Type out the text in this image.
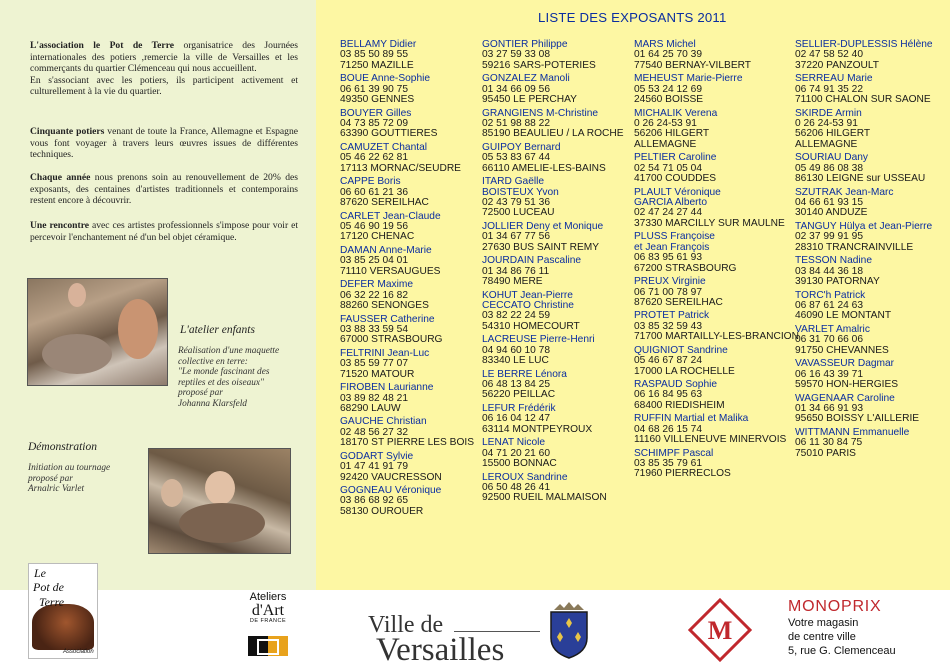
L'association le Pot de Terre organisatrice des Journées internationales des potiers ,remercie la ville de Versailles et les commerçants du quartier Clémenceau qui nous accueillent.
En s'associant avec les potiers, ils participent activement et culturellement à la vie du quartier.

Cinquante potiers venant de toute la France, Allemagne et Espagne vous font voyager à travers leurs œuvres issues de différentes techniques.

Chaque année nous prenons soin au renouvellement de 20% des exposants, des centaines d'artistes traditionnels et contemporains restent encore à découvrir.

Une rencontre avec ces artistes professionnels s'impose pour voir et percevoir l'enchantement né d'un bel objet céramique.

L'atelier enfants
Réalisation d'une maquette
collective en terre:
"Le monde fascinant des
reptiles et des oiseaux"
proposé par
Johanna Klarsfeld
Démonstration
Initiation au tournage
proposé par
Arnalric Varlet
LISTE DES EXPOSANTS 2011
BELLAMY Didier
03 85 50 89 55
71250 MAZILLE
BOUE Anne-Sophie
06 61 39 90 75
49350 GENNES
BOUYER Gilles
04 73 85 72 09
63390 GOUTTIERES
CAMUZET Chantal
05 46 22 62 81
17113 MORNAC/SEUDRE
CAPPE Boris
06 60 61 21 36
87620 SEREILHAC
CARLET Jean-Claude
05 46 90 19 56
17120 CHENAC
DAMAN Anne-Marie
03 85 25 04 01
71110 VERSAUGUES
DEFER Maxime
06 32 22 16 82
88260 SENONGES
FAUSSER Catherine
03 88 33 59 54
67000 STRASBOURG
FELTRINI Jean-Luc
03 85 59 77 07
71520 MATOUR
FIROBEN Laurianne
03 89 82 48 21
68290 LAUW
GAUCHE Christian
02 48 56 27 32
18170 ST PIERRE LES BOIS
GODART Sylvie
01 47 41 91 79
92420 VAUCRESSON
GOGNEAU Véronique
03 86 68 92 65
58130 OUROUER
GONTIER Philippe
03 27 59 33 08
59216 SARS-POTERIES
GONZALEZ Manoli
01 34 66 09 56
95450 LE PERCHAY
GRANGIENS M-Christine
02 51 98 88 22
85190 BEAULIEU / LA ROCHE
GUIPOY Bernard
05 53 83 67 44
66110 AMELIE-LES-BAINS
ITARD Gaëlle
BOISTEUX Yvon
02 43 79 51 36
72500 LUCEAU
JOLLIER Deny et Monique
01 34 67 77 56
27630 BUS SAINT REMY
JOURDAIN Pascaline
01 34 86 76 11
78490 MERE
KOHUT Jean-Pierre
CECCATO Christine
03 82 22 24 59
54310 HOMECOURT
LACREUSE Pierre-Henri
04 94 60 10 78
83340 LE LUC
LE BERRE Lénora
06 48 13 84 25
56220 PEILLAC
LEFUR Frédérik
06 16 04 12 47
63114 MONTPEYROUX
LENAT Nicole
04 71 20 21 60
15500 BONNAC
LEROUX Sandrine
06 50 48 26 41
92500 RUEIL MALMAISON
MARS Michel
01 64 25 70 39
77540 BERNAY-VILBERT
MEHEUST Marie-Pierre
05 53 24 12 69
24560 BOISSE
MICHALIK Verena
0 26 24-53 91
56206 HILGERT
ALLEMAGNE
PELTIER Caroline
02 54 71 05 04
41700 COUDDES
PLAULT Véronique
GARCIA Alberto
02 47 24 27 44
37330 MARCILLY SUR MAULNE
PLUSS Françoise
et Jean François
06 83 95 61 93
67200 STRASBOURG
PREUX Virginie
06 71 00 78 97
87620 SEREILHAC
PROTET Patrick
03 85 32 59 43
71700 MARTAILLY-LES-BRANCION
QUIGNIOT Sandrine
05 46 67 87 24
17000 LA ROCHELLE
RASPAUD Sophie
06 16 84 95 63
68400 RIEDISHEIM
RUFFIN Martial et Malika
04 68 26 15 74
11160 VILLENEUVE MINERVOIS
SCHIMPF Pascal
03 85 35 79 61
71960 PIERRECLOS
SELLIER-DUPLESSIS Hélène
02 47 58 52 40
37220 PANZOULT
SERREAU Marie
06 74 91 35 22
71100 CHALON SUR SAONE
SKIRDE Armin
0 26 24-53 91
56206 HILGERT
ALLEMAGNE
SOURIAU Dany
05 49 86 08 38
86130 LEIGNE sur USSEAU
SZUTRAK Jean-Marc
04 66 61 93 15
30140 ANDUZE
TANGUY Hülya et Jean-Pierre
02 37 99 91 95
28310 TRANCRAINVILLE
TESSON Nadine
03 84 44 36 18
39130 PATORNAY
TORC'h Patrick
06 87 61 24 63
46090 LE MONTANT
VARLET Amalric
06 31 70 66 06
91750 CHEVANNES
VAVASSEUR Dagmar
06 16 43 39 71
59570 HON-HERGIES
WAGENAAR Caroline
01 34 66 91 93
95650 BOISSY L'AILLERIE
WITTMANN Emmanuelle
06 11 30 84 75
75010 PARIS
Le
Pot de
Terre
Association
Ateliers
d'Art
DE FRANCE	Ville de
Versailles
M
MONOPRIX
Votre magasin
de centre ville
5, rue G. Clemenceau
